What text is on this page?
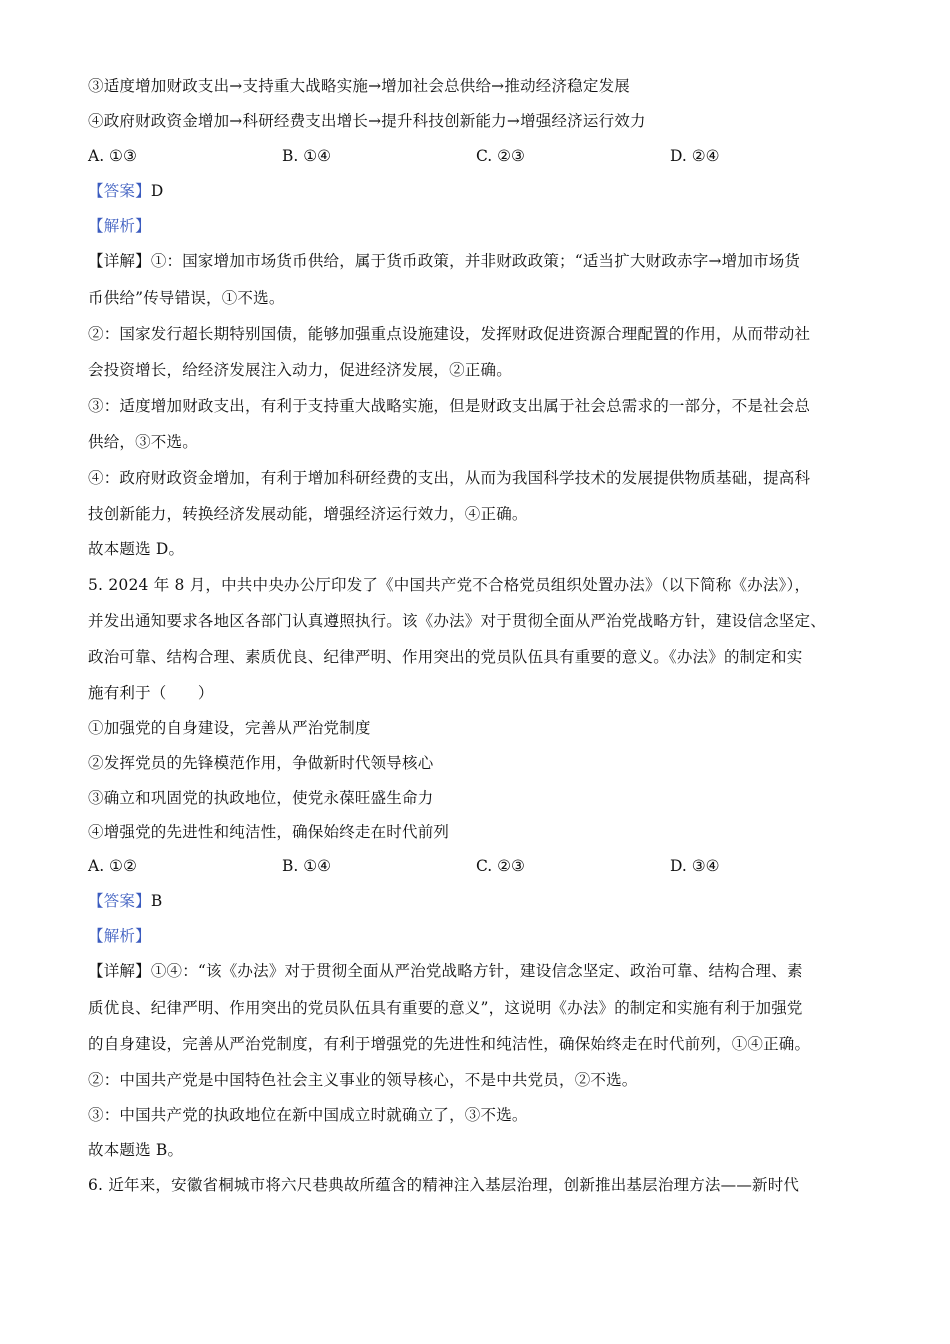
③适度增加财政支出→支持重大战略实施→增加社会总供给→推动经济稳定发展
④政府财政资金增加→科研经费支出增长→提升科技创新能力→增强经济运行效力
A. ①③	B. ①④	C. ②③	D. ②④
【答案】D
【解析】
【详解】①：国家增加市场货币供给，属于货币政策，并非财政政策；“适当扩大财政赤字→增加市场货
币供给”传导错误，①不选。
②：国家发行超长期特别国债，能够加强重点设施建设，发挥财政促进资源合理配置的作用，从而带动社
会投资增长，给经济发展注入动力，促进经济发展，②正确。
③：适度增加财政支出，有利于支持重大战略实施，但是财政支出属于社会总需求的一部分，不是社会总
供给，③不选。
④：政府财政资金增加，有利于增加科研经费的支出，从而为我国科学技术的发展提供物质基础，提高科
技创新能力，转换经济发展动能，增强经济运行效力，④正确。
故本题选 D。
5. 2024 年 8 月，中共中央办公厅印发了《中国共产党不合格党员组织处置办法》（以下简称《办法》），
并发出通知要求各地区各部门认真遵照执行。该《办法》对于贯彻全面从严治党战略方针，建设信念坚定、
政治可靠、结构合理、素质优良、纪律严明、作用突出的党员队伍具有重要的意义。《办法》的制定和实
施有利于（　　）
①加强党的自身建设，完善从严治党制度
②发挥党员的先锋模范作用，争做新时代领导核心
③确立和巩固党的执政地位，使党永葆旺盛生命力
④增强党的先进性和纯洁性，确保始终走在时代前列
A. ①②	B. ①④	C. ②③	D. ③④
【答案】B
【解析】
【详解】①④：“该《办法》对于贯彻全面从严治党战略方针，建设信念坚定、政治可靠、结构合理、素
质优良、纪律严明、作用突出的党员队伍具有重要的意义”，这说明《办法》的制定和实施有利于加强党
的自身建设，完善从严治党制度，有利于增强党的先进性和纯洁性，确保始终走在时代前列，①④正确。
②：中国共产党是中国特色社会主义事业的领导核心，不是中共党员，②不选。
③：中国共产党的执政地位在新中国成立时就确立了，③不选。
故本题选 B。
6. 近年来，安徽省桐城市将六尺巷典故所蕴含的精神注入基层治理，创新推出基层治理方法——新时代
